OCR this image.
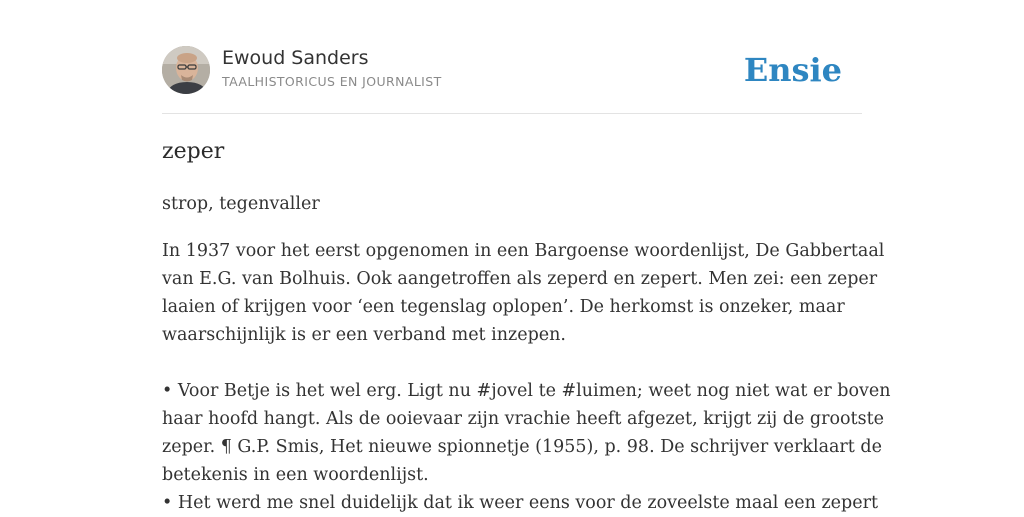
Ewoud Sanders
TAALHISTORICUS EN JOURNALIST	Ensie
zeper
strop, tegenvaller
In 1937 voor het eerst opgenomen in een Bargoense woordenlijst, De Gabbertaal
van E.G. van Bolhuis. Ook aangetroffen als zeperd en zepert. Men zei: een zeper
laaien of krijgen voor ‘een tegenslag oplopen’. De herkomst is onzeker, maar
waarschijnlijk is er een verband met inzepen.
• Voor Betje is het wel erg. Ligt nu #jovel te #luimen; weet nog niet wat er boven
haar hoofd hangt. Als de ooievaar zijn vrachie heeft afgezet, krijgt zij de grootste
zeper. ¶ G.P. Smis, Het nieuwe spionnetje (1955), p. 98. De schrijver verklaart de
betekenis in een woordenlijst.
• Het werd me snel duidelijk dat ik weer eens voor de zoveelste maal een zepert
